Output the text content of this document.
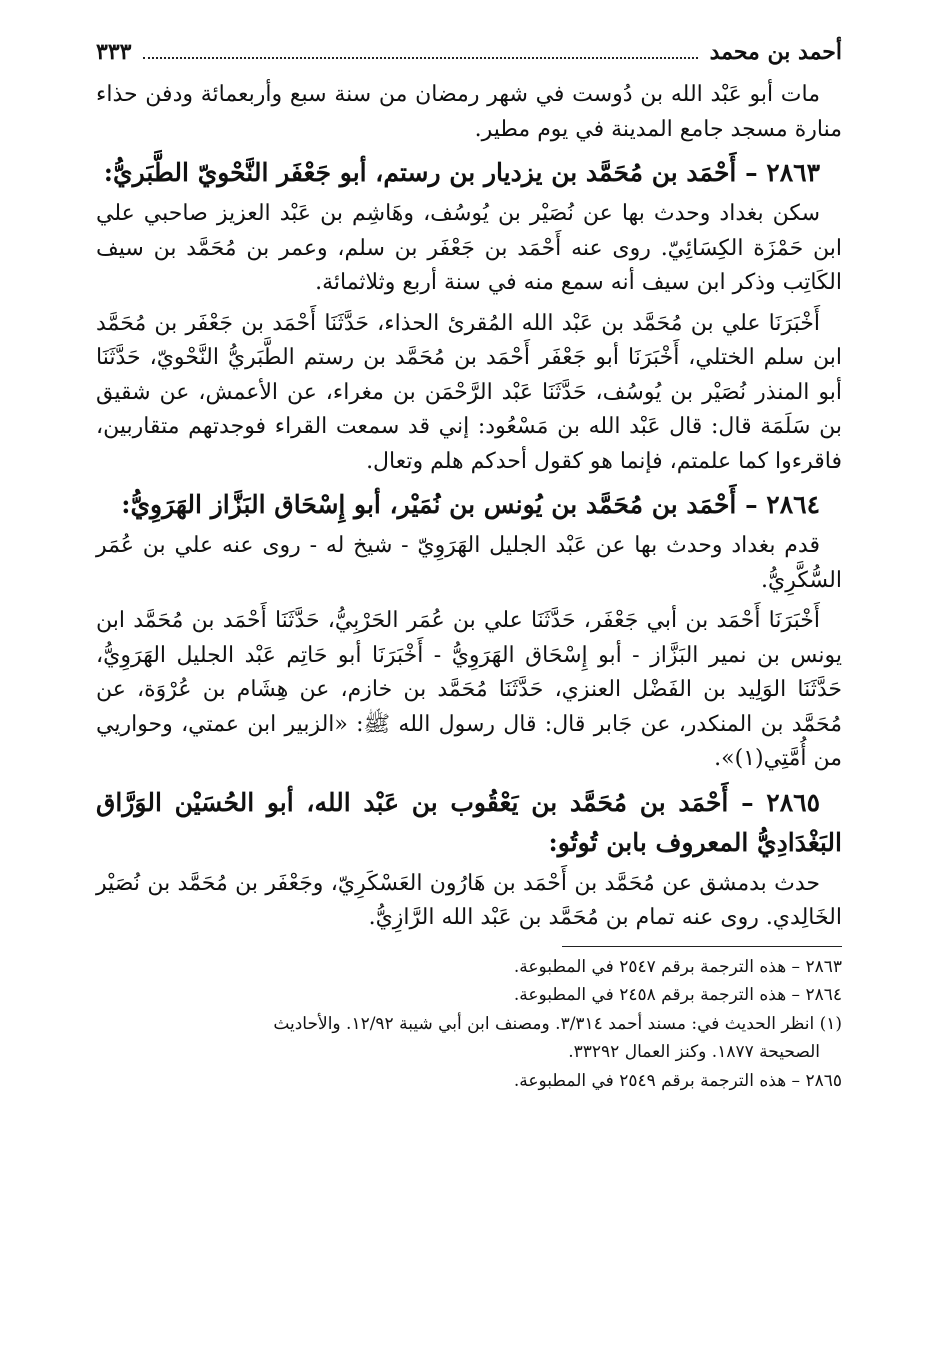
أحمد بن محمد
٣٣٣

مات أبو عَبْد الله بن دُوست في شهر رمضان من سنة سبع وأربعمائة ودفن حذاء منارة مسجد جامع المدينة في يوم مطير.

٢٨٦٣ – أَحْمَد بن مُحَمَّد بن يزديار بن رستم، أبو جَعْفَر النَّحْويّ الطَّبَريُّ:

سكن بغداد وحدث بها عن نُصَيْر بن يُوسُف، وهَاشِم بن عَبْد العزيز صاحبي علي ابن حَمْزَة الكِسَائِيّ. روى عنه أَحْمَد بن جَعْفَر بن سلم، وعمر بن مُحَمَّد بن سيف الكَاتِب وذكر ابن سيف أنه سمع منه في سنة أربع وثلاثمائة.

أَخْبَرَنَا علي بن مُحَمَّد بن عَبْد الله المُقرئ الحذاء، حَدَّثَنَا أَحْمَد بن جَعْفَر بن مُحَمَّد ابن سلم الختلي، أَخْبَرَنَا أبو جَعْفَر أَحْمَد بن مُحَمَّد بن رستم الطَّبَريُّ النَّحْويّ، حَدَّثَنَا أبو المنذر نُصَيْر بن يُوسُف، حَدَّثَنَا عَبْد الرَّحْمَن بن مغراء، عن الأعمش، عن شقيق بن سَلَمَة قال: قال عَبْد الله بن مَسْعُود: إني قد سمعت القراء فوجدتهم متقاربين، فاقرءوا كما علمتم، فإنما هو كقول أحدكم هلم وتعال.

٢٨٦٤ – أَحْمَد بن مُحَمَّد بن يُونس بن نُمَيْر، أبو إِسْحَاق البَزَّاز الهَرَوِيُّ:

قدم بغداد وحدث بها عن عَبْد الجليل الهَرَوِيّ - شيخ له - روى عنه علي بن عُمَر السُّكَّرِيُّ.

أَخْبَرَنَا أَحْمَد بن أبي جَعْفَر، حَدَّثَنَا علي بن عُمَر الحَرْبِيُّ، حَدَّثَنَا أَحْمَد بن مُحَمَّد ابن يونس بن نمير البَزَّاز - أبو إِسْحَاق الهَرَوِيُّ - أَخْبَرَنَا أبو حَاتِم عَبْد الجليل الهَرَوِيُّ، حَدَّثَنَا الوَلِيد بن الفَضْل العنزي، حَدَّثَنَا مُحَمَّد بن خازم، عن هِشَام بن عُرْوَة، عن مُحَمَّد بن المنكدر، عن جَابر قال: قال رسول الله ﷺ: «الزبير ابن عمتي، وحواريي من أُمَّتِي(١)».

٢٨٦٥ – أَحْمَد بن مُحَمَّد بن يَعْقُوب بن عَبْد الله، أبو الحُسَيْن الوَرَّاق البَغْدَادِيُّ المعروف بابن تُوتُو:

حدث بدمشق عن مُحَمَّد بن أَحْمَد بن هَارُون العَسْكَرِيّ، وجَعْفَر بن مُحَمَّد بن نُصَيْر الخَالِدي. روى عنه تمام بن مُحَمَّد بن عَبْد الله الرَّازِيُّ.

٢٨٦٣ – هذه الترجمة برقم ٢٥٤٧ في المطبوعة.

٢٨٦٤ – هذه الترجمة برقم ٢٤٥٨ في المطبوعة.

(١) انظر الحديث في: مسند أحمد ٣/٣١٤. ومصنف ابن أبي شيبة ١٢/٩٢. والأحاديث

الصحيحة ١٨٧٧. وكنز العمال ٣٣٢٩٢.

٢٨٦٥ – هذه الترجمة برقم ٢٥٤٩ في المطبوعة.
